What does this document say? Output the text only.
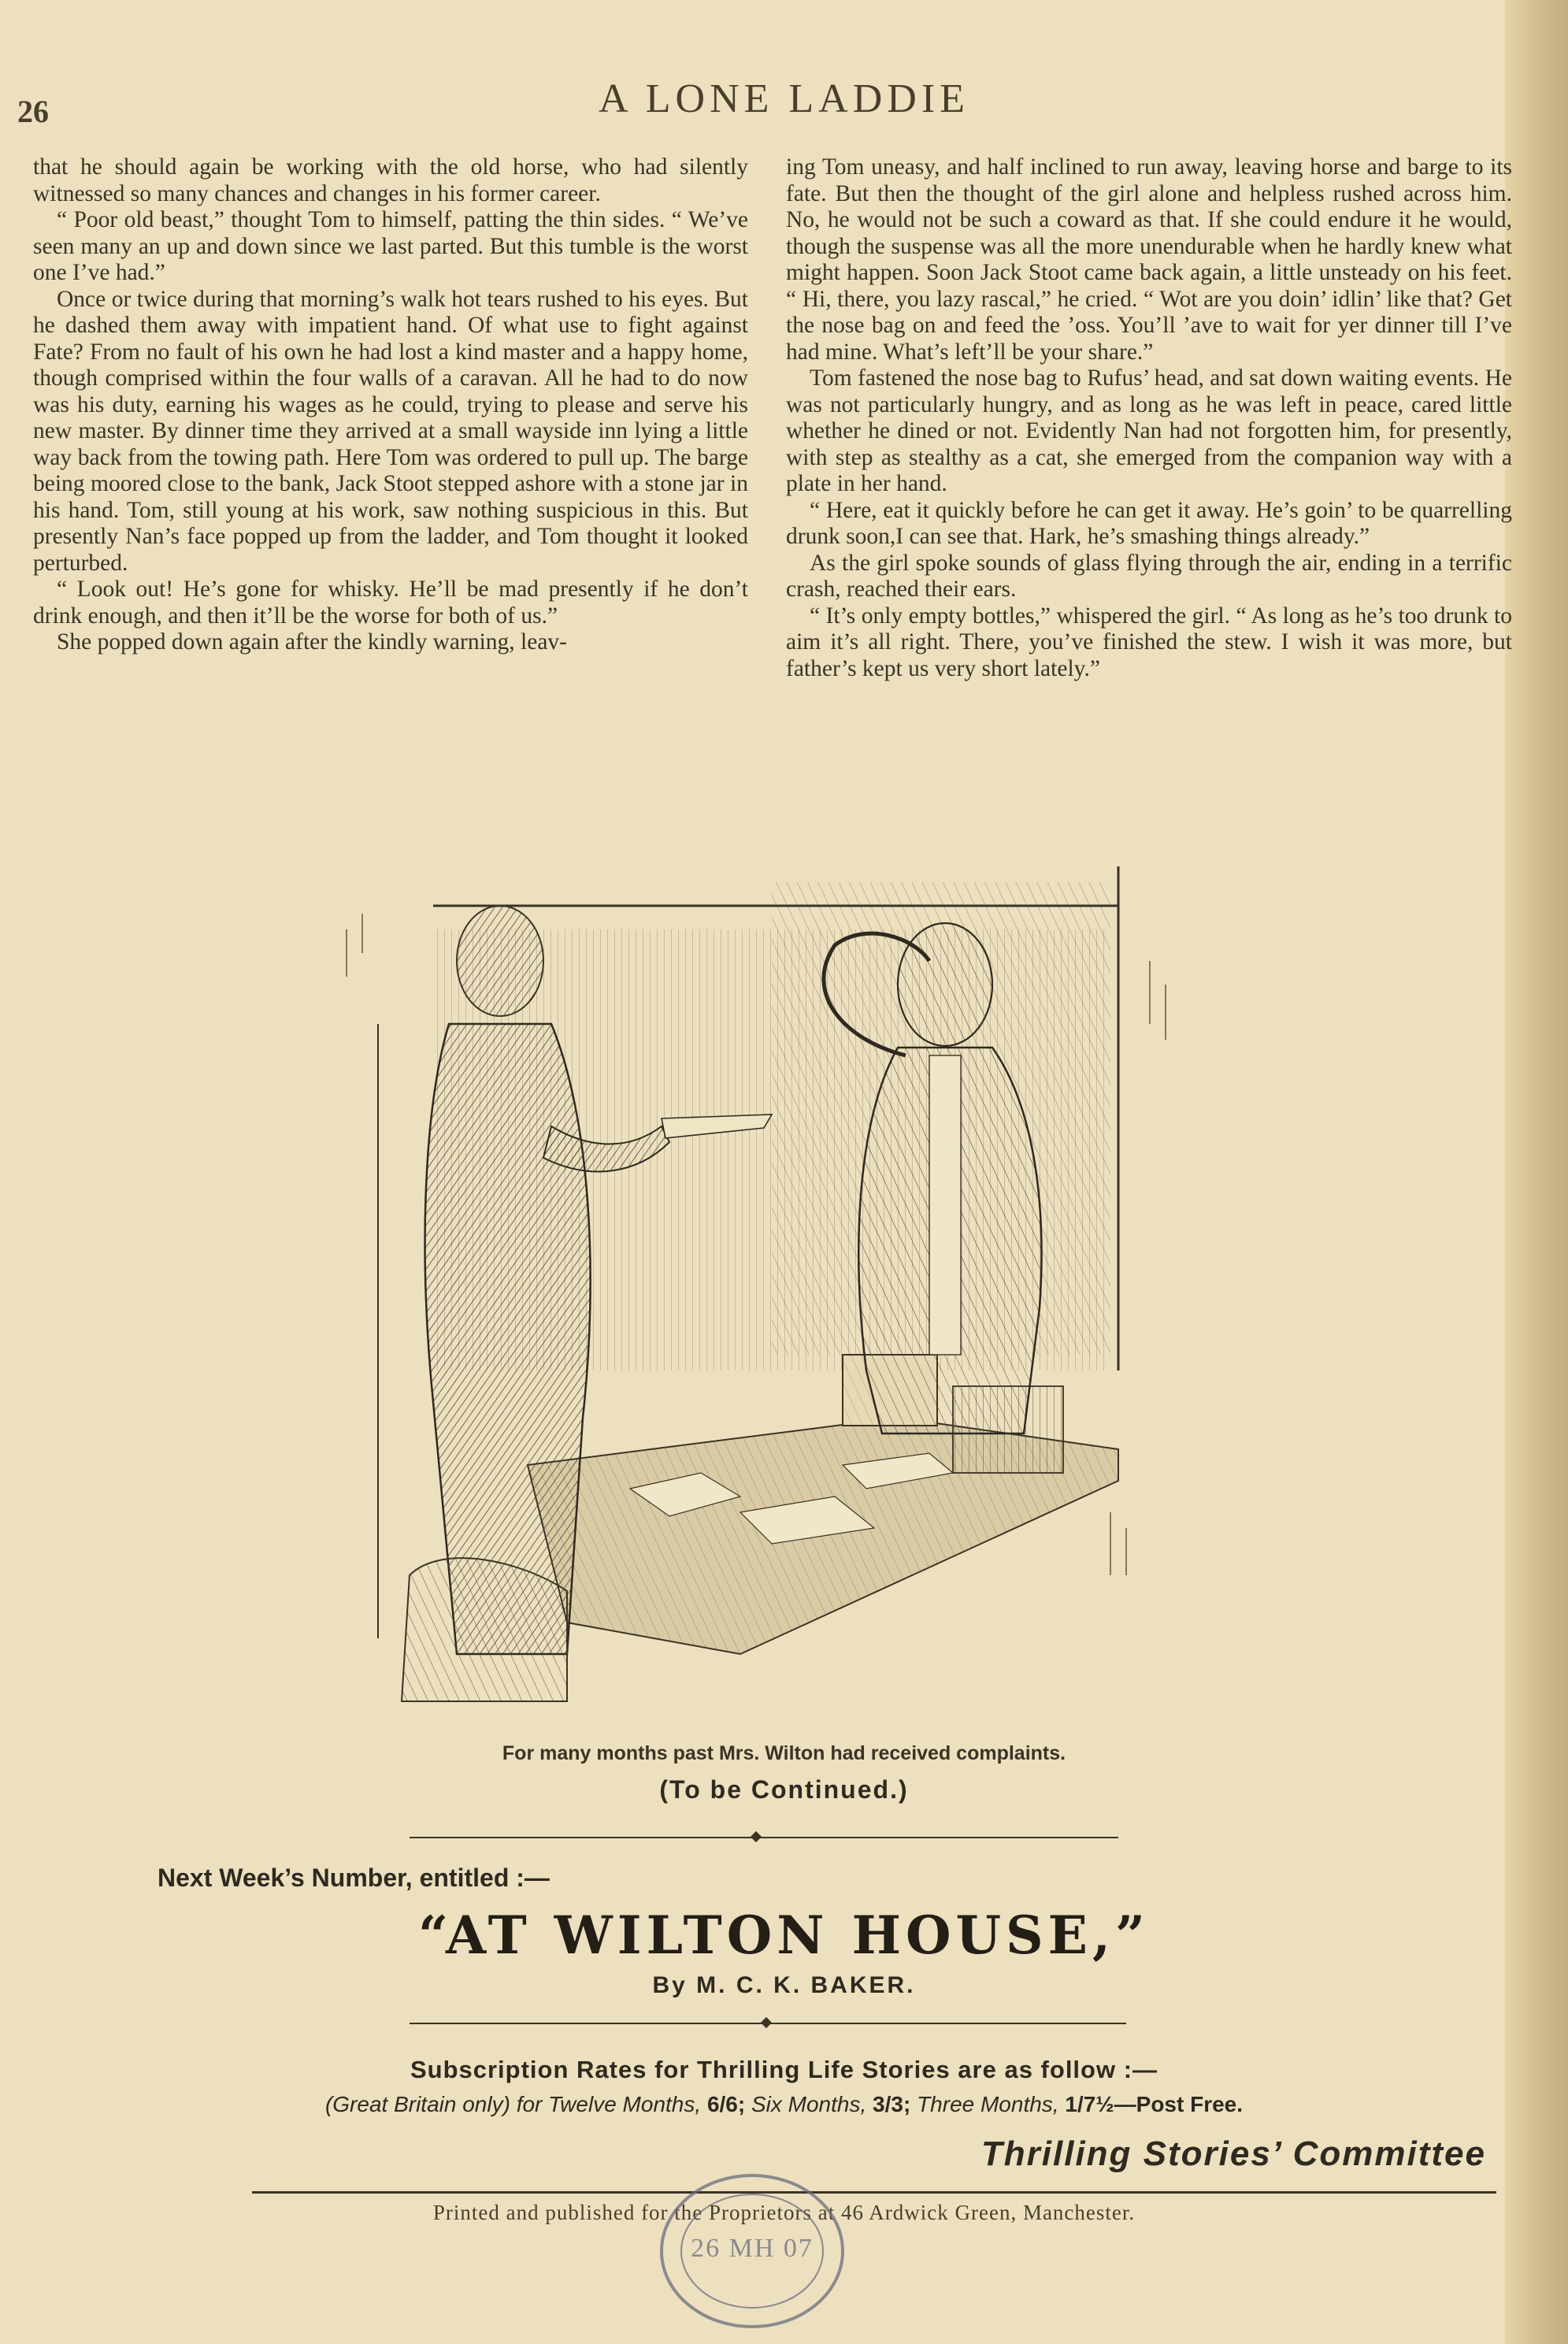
26	A LONE LADDIE

that he should again be working with the old horse, who had silently witnessed so many chances and changes in his former career.

“ Poor old beast,” thought Tom to himself, patting the thin sides. “ We’ve seen many an up and down since we last parted. But this tumble is the worst one I’ve had.”

Once or twice during that morning’s walk hot tears rushed to his eyes. But he dashed them away with impatient hand. Of what use to fight against Fate? From no fault of his own he had lost a kind master and a happy home, though comprised within the four walls of a caravan. All he had to do now was his duty, earning his wages as he could, trying to please and serve his new master. By dinner time they arrived at a small wayside inn lying a little way back from the towing path. Here Tom was ordered to pull up. The barge being moored close to the bank, Jack Stoot stepped ashore with a stone jar in his hand. Tom, still young at his work, saw nothing suspicious in this. But presently Nan’s face popped up from the ladder, and Tom thought it looked perturbed.

“ Look out! He’s gone for whisky. He’ll be mad presently if he don’t drink enough, and then it’ll be the worse for both of us.”

She popped down again after the kindly warning, leav-

ing Tom uneasy, and half inclined to run away, leaving horse and barge to its fate. But then the thought of the girl alone and helpless rushed across him. No, he would not be such a coward as that. If she could endure it he would, though the suspense was all the more unendurable when he hardly knew what might happen. Soon Jack Stoot came back again, a little unsteady on his feet. “ Hi, there, you lazy rascal,” he cried. “ Wot are you doin’ idlin’ like that? Get the nose bag on and feed the ’oss. You’ll ’ave to wait for yer dinner till I’ve had mine. What’s left’ll be your share.”

Tom fastened the nose bag to Rufus’ head, and sat down waiting events. He was not particularly hungry, and as long as he was left in peace, cared little whether he dined or not. Evidently Nan had not forgotten him, for presently, with step as stealthy as a cat, she emerged from the companion way with a plate in her hand.

“ Here, eat it quickly before he can get it away. He’s goin’ to be quarrelling drunk soon,I can see that. Hark, he’s smashing things already.”

As the girl spoke sounds of glass flying through the air, ending in a terrific crash, reached their ears.

“ It’s only empty bottles,” whispered the girl. “ As long as he’s too drunk to aim it’s all right. There, you’ve finished the stew. I wish it was more, but father’s kept us very short lately.”

For many months past Mrs. Wilton had received complaints.
(To be Continued.)
Next Week’s Number, entitled :—
“AT WILTON HOUSE,”
By M. C. K. BAKER.
Subscription Rates for Thrilling Life Stories are as follow :—
(Great Britain only) for Twelve Months, 6/6; Six Months, 3/3; Three Months, 1/7½—Post Free.
Thrilling Stories’ Committee
Printed and published for the Proprietors at 46 Ardwick Green, Manchester.
26 MH 07
